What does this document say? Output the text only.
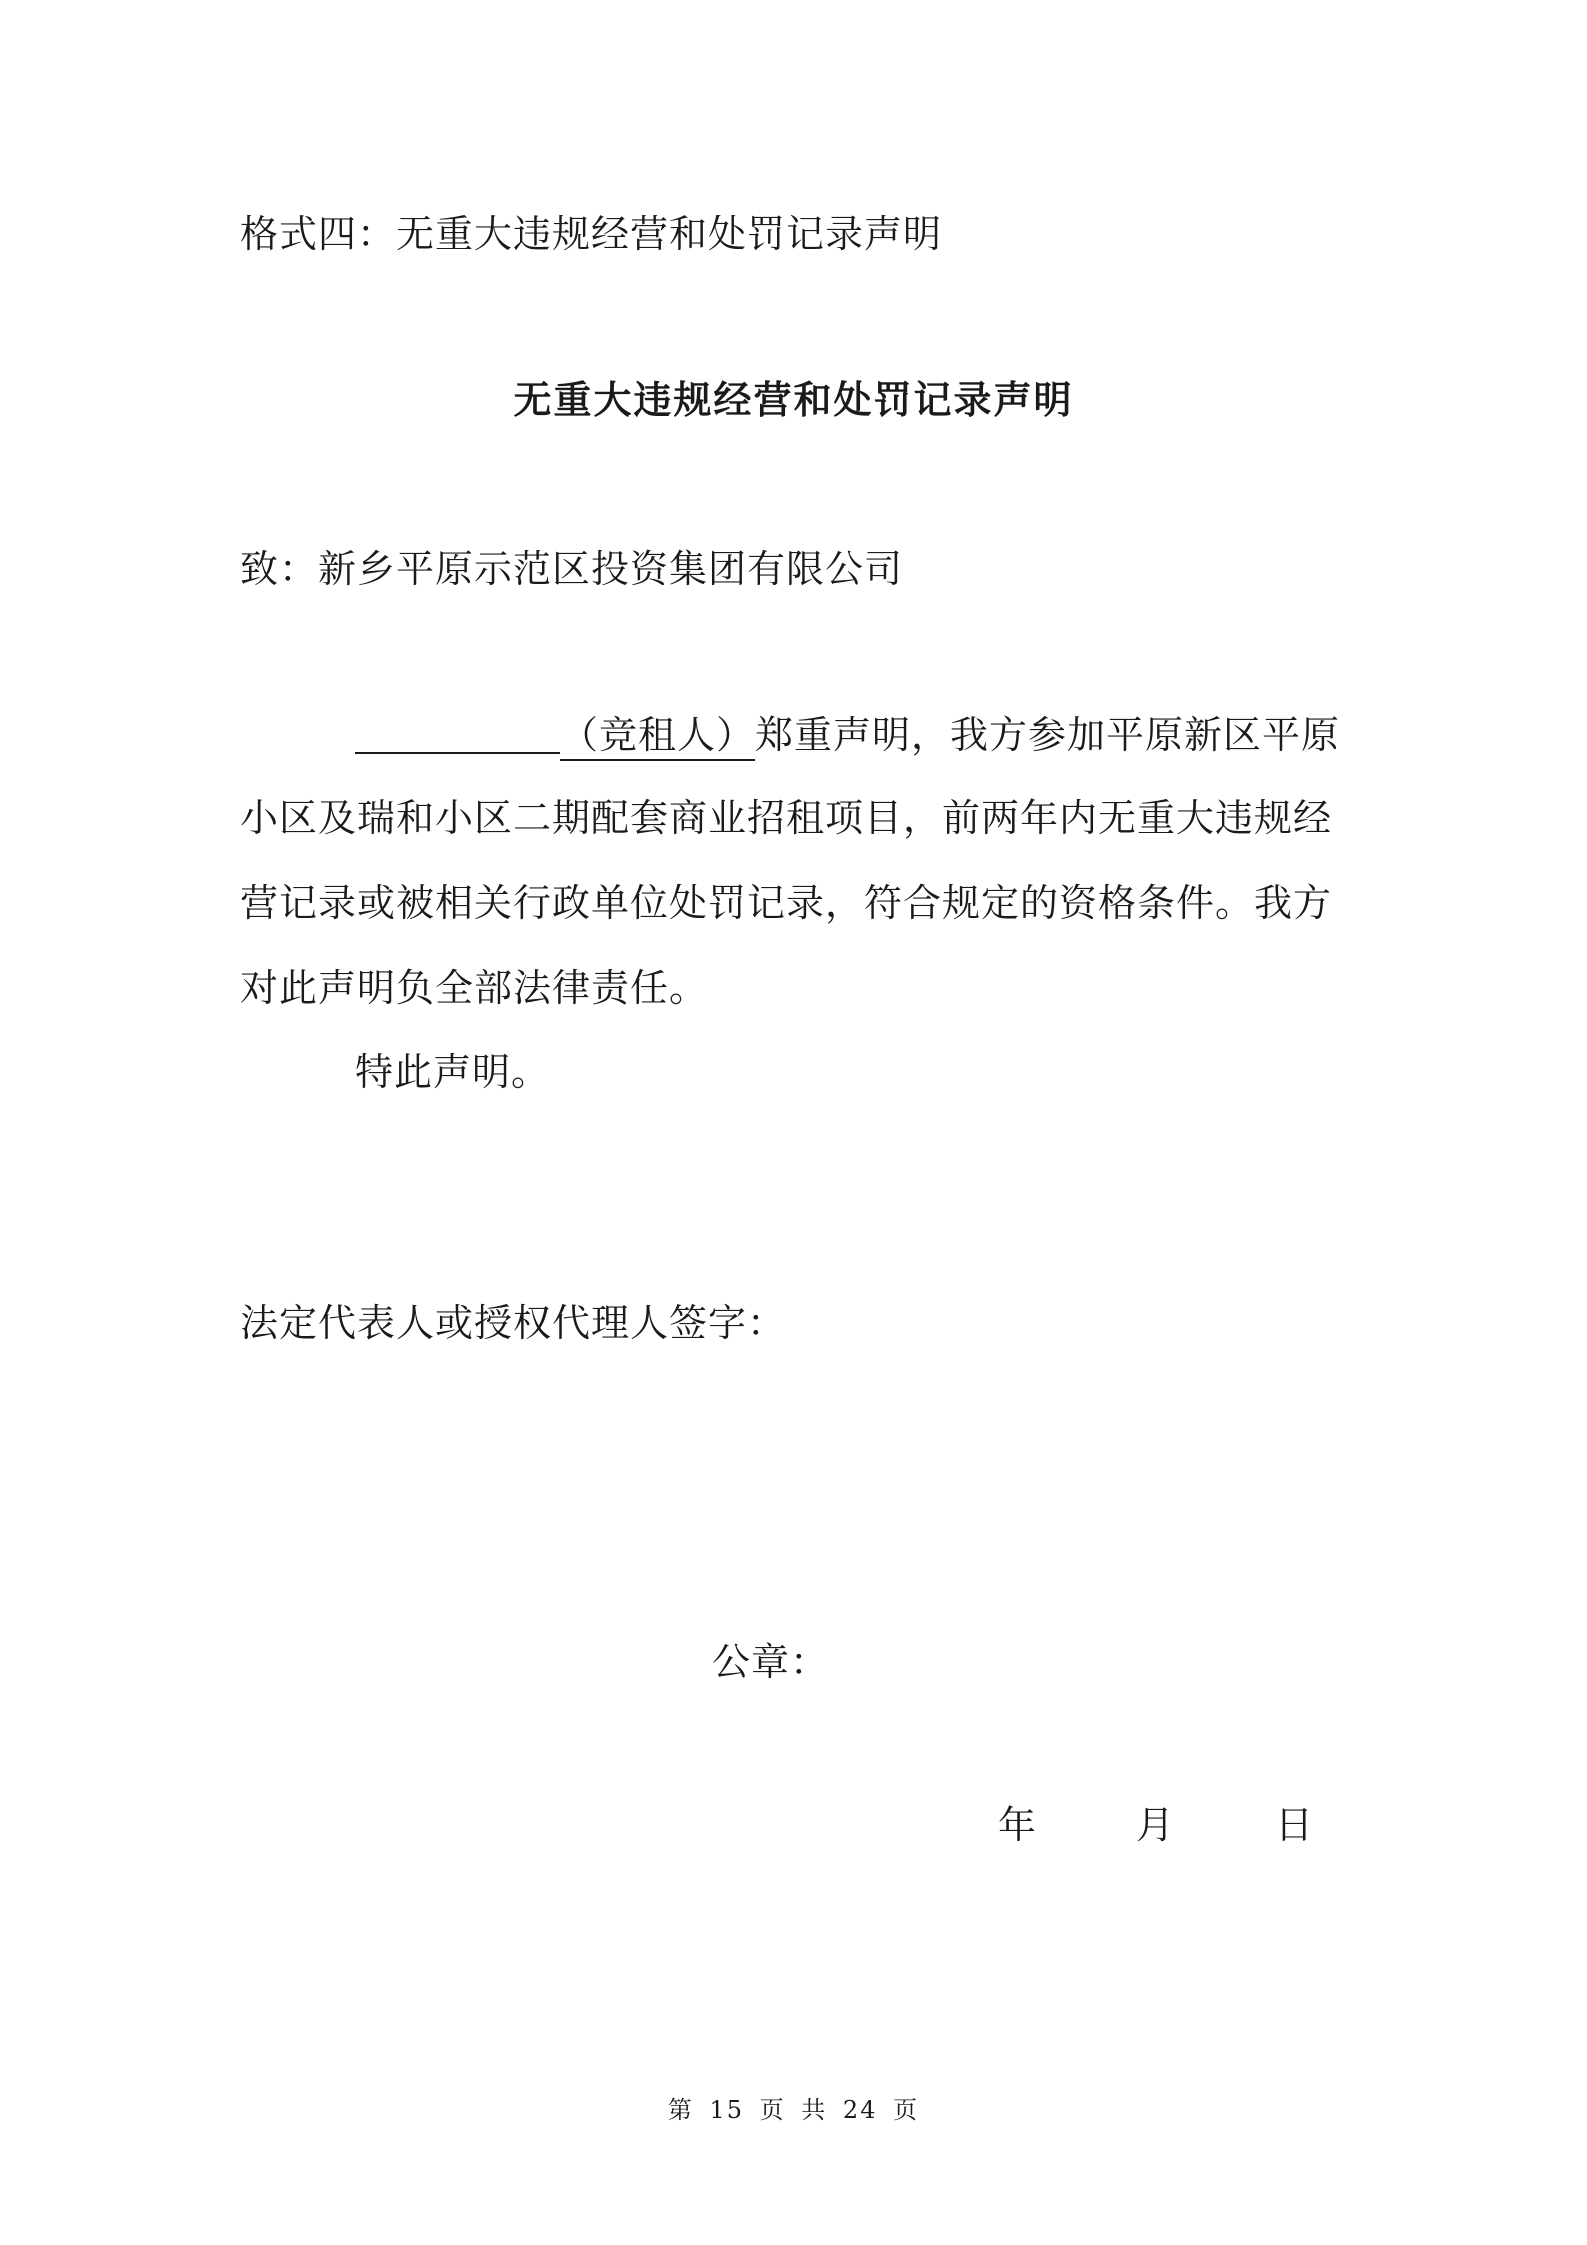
格式四：无重大违规经营和处罚记录声明
无重大违规经营和处罚记录声明
致：新乡平原示范区投资集团有限公司
（竞租人）郑重声明，我方参加平原新区平原
小区及瑞和小区二期配套商业招租项目，前两年内无重大违规经
营记录或被相关行政单位处罚记录，符合规定的资格条件。我方
对此声明负全部法律责任。
特此声明。
法定代表人或授权代理人签字：
公章：
年	月	日
第 15 页 共 24 页
